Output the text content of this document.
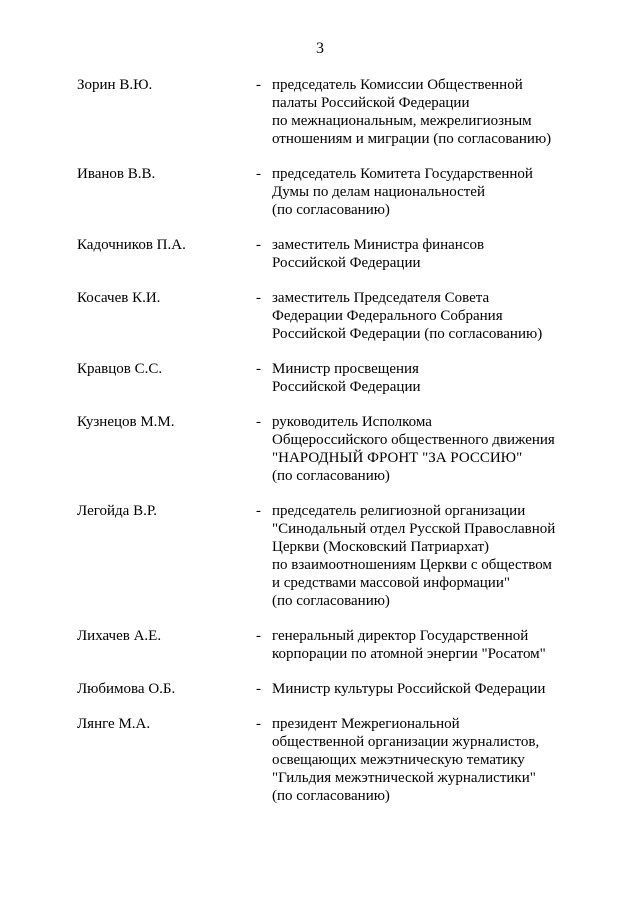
3
Зорин В.Ю.	- председатель Комиссии Общественной
палаты Российской Федерации
по межнациональным, межрелигиозным
отношениям и миграции (по согласованию)
Иванов В.В.	- председатель Комитета Государственной
Думы по делам национальностей
(по согласованию)
Кадочников П.А.	- заместитель Министра финансов
Российской Федерации
Косачев К.И.	- заместитель Председателя Совета
Федерации Федерального Собрания
Российской Федерации (по согласованию)
Кравцов С.С.	- Министр просвещения
Российской Федерации
Кузнецов М.М.	- руководитель Исполкома
Общероссийского общественного движения
"НАРОДНЫЙ ФРОНТ "ЗА РОССИЮ"
(по согласованию)
Легойда В.Р.	- председатель религиозной организации
"Синодальный отдел Русской Православной
Церкви (Московский Патриархат)
по взаимоотношениям Церкви с обществом
и средствами массовой информации"
(по согласованию)
Лихачев А.Е.	- генеральный директор Государственной
корпорации по атомной энергии "Росатом"
Любимова О.Б.	- Министр культуры Российской Федерации
Лянге М.А.	- президент Межрегиональной
общественной организации журналистов,
освещающих межэтническую тематику
"Гильдия межэтнической журналистики"
(по согласованию)
